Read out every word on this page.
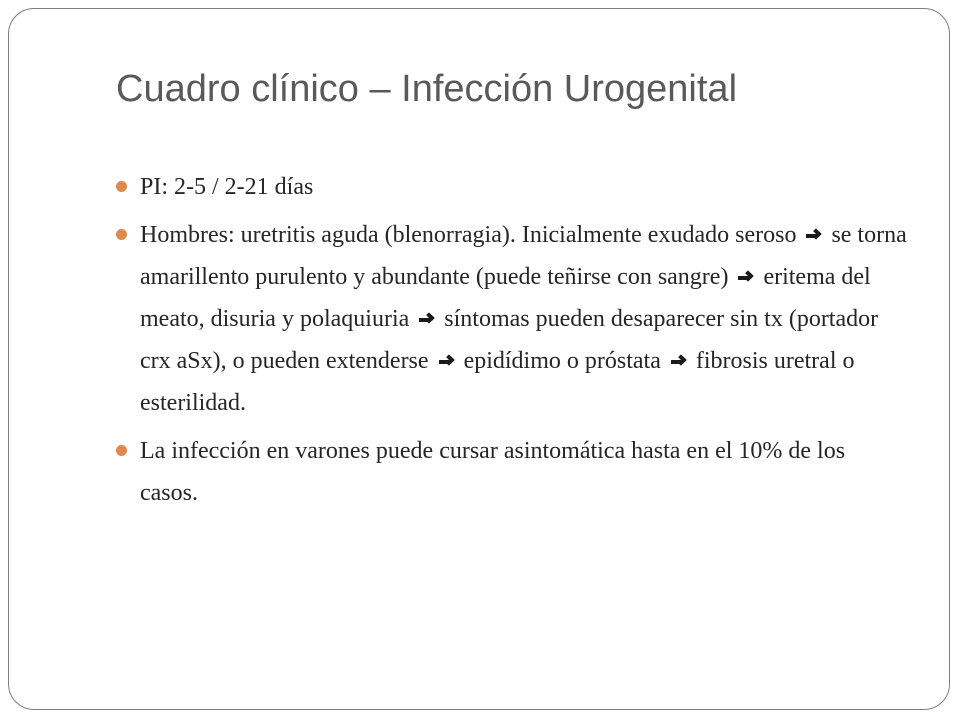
Cuadro clínico – Infección Urogenital
PI: 2-5 / 2-21 días
Hombres: uretritis aguda (blenorragia). Inicialmente exudado seroso se torna amarillento purulento y abundante (puede teñirse con sangre) eritema del meato, disuria y polaquiuria síntomas pueden desaparecer sin tx (portador crx aSx), o pueden extenderse epidídimo o próstata fibrosis uretral o esterilidad.
La infección en varones puede cursar asintomática hasta en el 10% de los casos.
